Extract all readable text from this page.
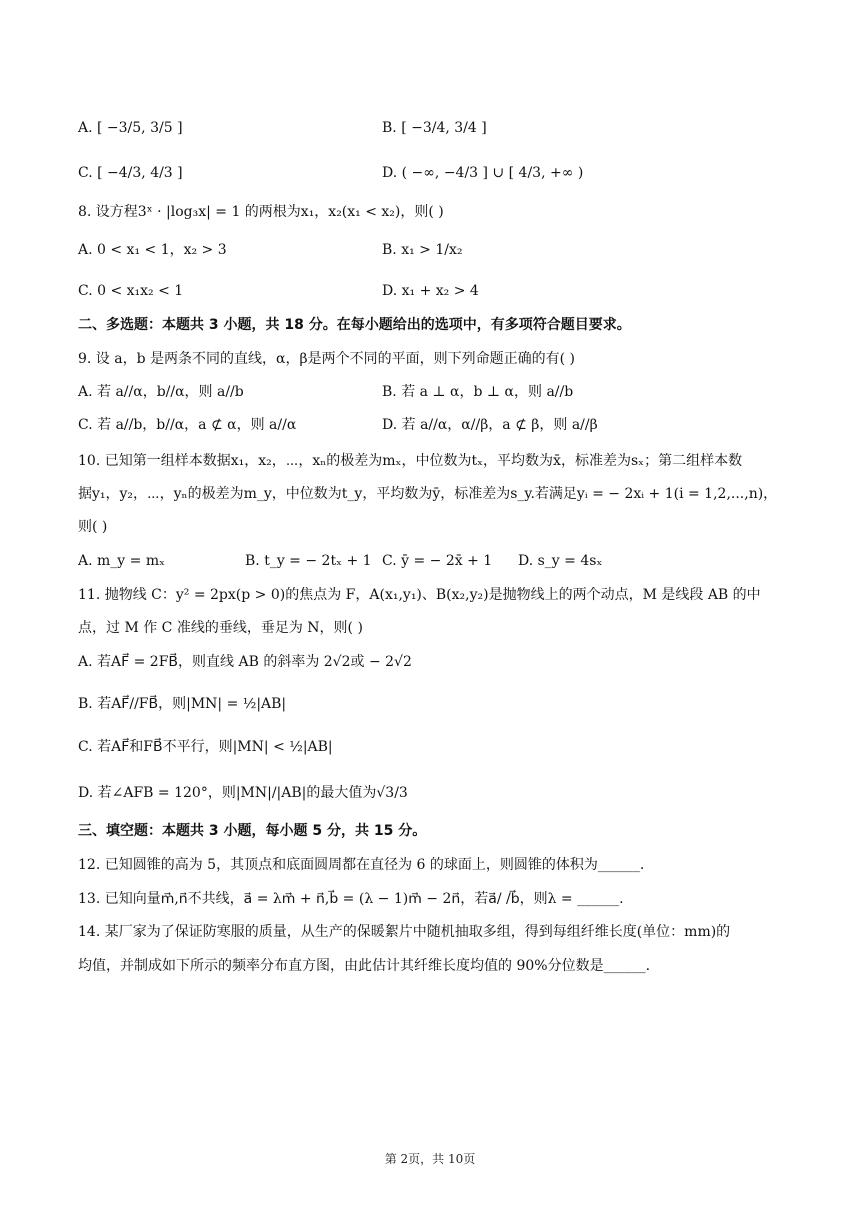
A. [ −3/5, 3/5 ]	B. [ −3/4, 3/4 ]
C. [ −4/3, 4/3 ]	D. ( −∞, −4/3 ] ∪ [ 4/3, +∞ )
8. 设方程3ˣ · |log₃x| = 1 的两根为x₁，x₂(x₁ < x₂)，则( )
A. 0 < x₁ < 1，x₂ > 3	B. x₁ > 1/x₂
C. 0 < x₁x₂ < 1	D. x₁ + x₂ > 4
二、多选题：本题共 3 小题，共 18 分。在每小题给出的选项中，有多项符合题目要求。
9. 设 a，b 是两条不同的直线，α，β是两个不同的平面，则下列命题正确的有( )
A. 若 a//α，b//α，则 a//b	B. 若 a ⊥ α，b ⊥ α，则 a//b
C. 若 a//b，b//α，a ⊄ α，则 a//α	D. 若 a//α，α//β，a ⊄ β，则 a//β
10. 已知第一组样本数据x₁，x₂，⋯，xₙ的极差为mₓ，中位数为tₓ，平均数为x̄，标准差为sₓ；第二组样本数
据y₁，y₂，⋯，yₙ的极差为m_y，中位数为t_y，平均数为ȳ，标准差为s_y.若满足yᵢ = − 2xᵢ + 1(i = 1,2,...,n)，
则( )
A. m_y = mₓ	B. t_y = − 2tₓ + 1 C. ȳ = − 2x̄ + 1 D. s_y = 4sₓ
11. 抛物线 C：y² = 2px(p > 0)的焦点为 F，A(x₁,y₁)、B(x₂,y₂)是抛物线上的两个动点，M 是线段 AB 的中
点，过 M 作 C 准线的垂线，垂足为 N，则( )
A. 若AF⃗ = 2FB⃗，则直线 AB 的斜率为 2√2或 − 2√2
B. 若AF⃗//FB⃗，则|MN| = ½|AB|
C. 若AF⃗和FB⃗不平行，则|MN| < ½|AB|
D. 若∠AFB = 120°，则|MN|/|AB|的最大值为√3/3
三、填空题：本题共 3 小题，每小题 5 分，共 15 分。
12. 已知圆锥的高为 5，其顶点和底面圆周都在直径为 6 的球面上，则圆锥的体积为______.
13. 已知向量m⃗,n⃗不共线，a⃗ = λm⃗ + n⃗,b⃗ = (λ − 1)m⃗ − 2n⃗，若a⃗/ /b⃗，则λ = ______.
14. 某厂家为了保证防寒服的质量，从生产的保暖絮片中随机抽取多组，得到每组纤维长度(单位：mm)的
均值，并制成如下所示的频率分布直方图，由此估计其纤维长度均值的 90%分位数是______.
第 2页，共 10页
